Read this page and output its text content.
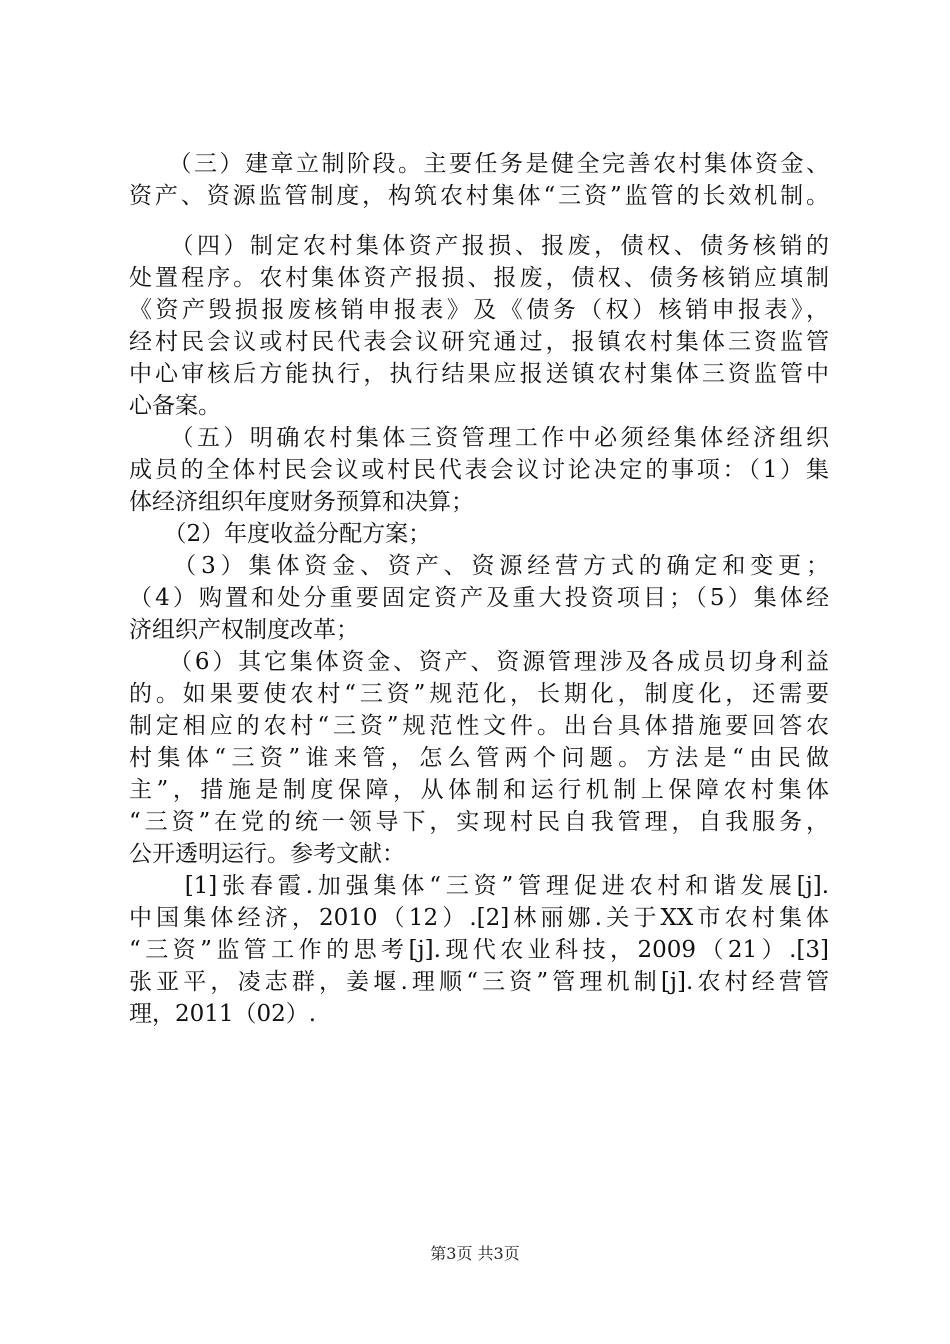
　　（三）建章立制阶段。主要任务是健全完善农村集体资金、
资产、资源监管制度，构筑农村集体“三资”监管的长效机制。
　　（四）制定农村集体资产报损、报废，债权、债务核销的
处置程序。农村集体资产报损、报废，债权、债务核销应填制
《资产毁损报废核销申报表》及《债务（权）核销申报表》，
经村民会议或村民代表会议研究通过，报镇农村集体三资监管
中心审核后方能执行，执行结果应报送镇农村集体三资监管中
心备案。
　　（五）明确农村集体三资管理工作中必须经集体经济组织
成员的全体村民会议或村民代表会议讨论决定的事项：（1）集
体经济组织年度财务预算和决算；
　　（2）年度收益分配方案；
　　（3）集体资金、资产、资源经营方式的确定和变更；
（4）购置和处分重要固定资产及重大投资项目；（5）集体经
济组织产权制度改革；
　　（6）其它集体资金、资产、资源管理涉及各成员切身利益
的。如果要使农村“三资”规范化，长期化，制度化，还需要
制定相应的农村“三资”规范性文件。出台具体措施要回答农
村集体“三资”谁来管，怎么管两个问题。方法是“由民做
主”，措施是制度保障，从体制和运行机制上保障农村集体
“三资”在党的统一领导下，实现村民自我管理，自我服务，
公开透明运行。参考文献：
　　[1]张春霞.加强集体“三资”管理促进农村和谐发展[j].
中国集体经济，2010（12）.[2]林丽娜.关于XX市农村集体
“三资”监管工作的思考[j].现代农业科技，2009（21）.[3]
张亚平，凌志群，姜堰.理顺“三资”管理机制[j].农村经营管
理，2011（02）.
第3页 共3页
